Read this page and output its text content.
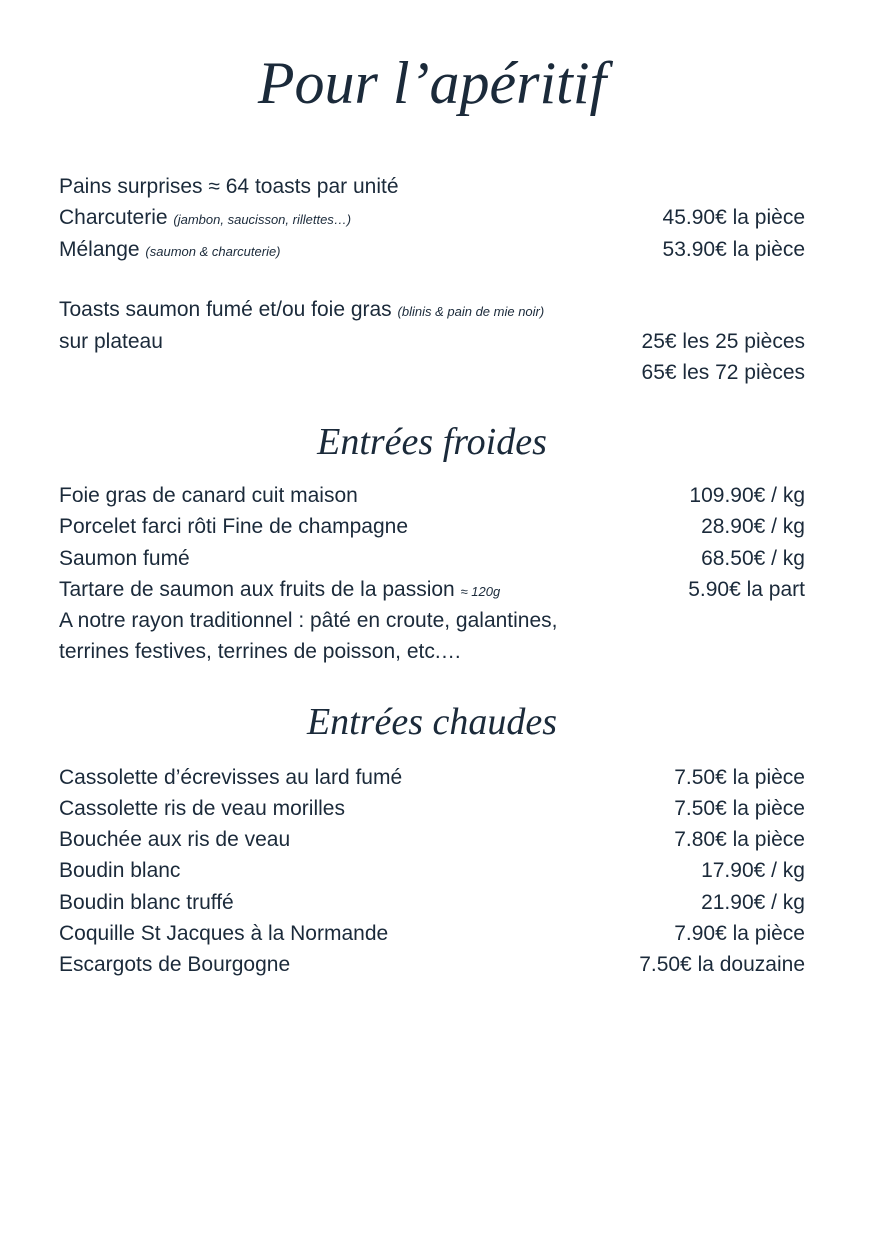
Pour l’apéritif
Pains surprises ≈ 64 toasts par unité
Charcuterie (jambon, saucisson, rillettes…)	45.90€ la pièce
Mélange (saumon & charcuterie)	53.90€ la pièce
Toasts saumon fumé et/ou foie gras (blinis & pain de mie noir)
sur plateau	25€ les 25 pièces
65€ les 72 pièces
Entrées froides
Foie gras de canard cuit maison	109.90€ / kg
Porcelet farci rôti Fine de champagne	28.90€ / kg
Saumon fumé	68.50€ / kg
Tartare de saumon aux fruits de la passion ≈ 120g	5.90€ la part
A notre rayon traditionnel : pâté en croute, galantines,
terrines festives, terrines de poisson, etc.…
Entrées chaudes
Cassolette d’écrevisses au lard fumé	7.50€ la pièce
Cassolette ris de veau morilles	7.50€ la pièce
Bouchée aux ris de veau	7.80€ la pièce
Boudin blanc	17.90€ / kg
Boudin blanc truffé	21.90€ / kg
Coquille St Jacques à la Normande	7.90€ la pièce
Escargots de Bourgogne	7.50€ la douzaine
